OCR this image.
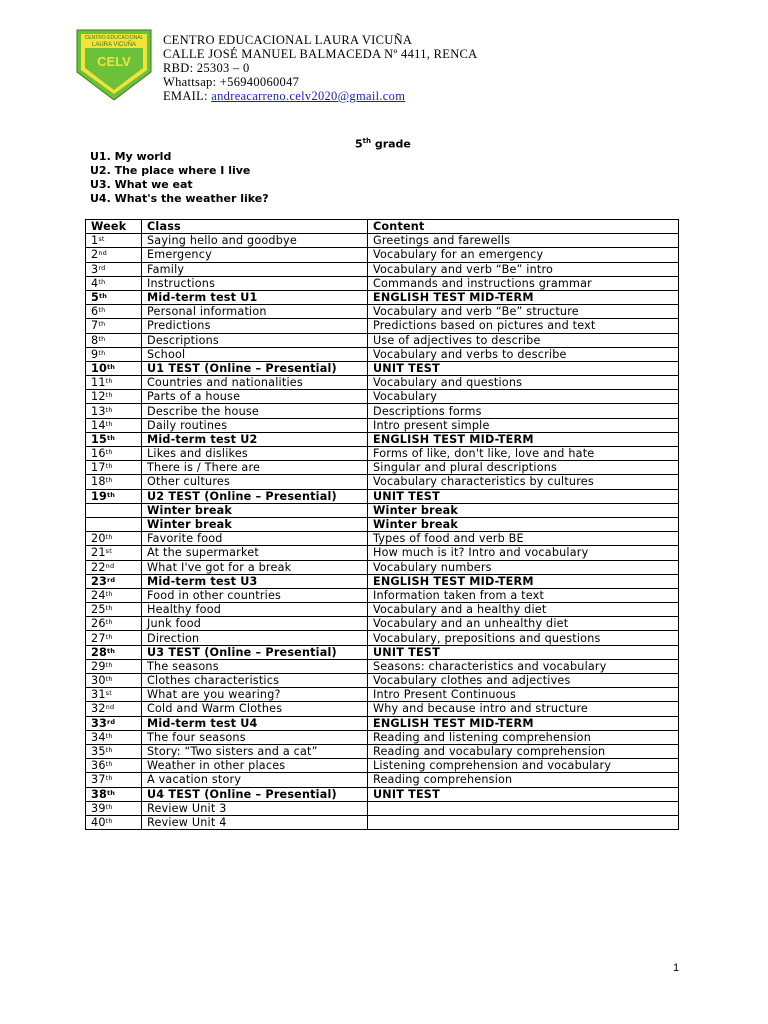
CENTRO EDUCACIONAL
LAURA VICUÑA
CELV
CENTRO EDUCACIONAL LAURA VICUÑA
CALLE JOSÉ MANUEL BALMACEDA Nº 4411, RENCA
RBD: 25303 – 0
Whattsap: +56940060047
EMAIL: andreacarreno.celv2020@gmail.com
5th grade
U1. My world
U2. The place where I live
U3. What we eat
U4. What's the weather like?
Week	Class	Content
1st	Saying hello and goodbye	Greetings and farewells
2nd	Emergency	Vocabulary for an emergency
3rd	Family	Vocabulary and verb “Be” intro
4th	Instructions	Commands and instructions grammar
5th	Mid-term test U1	ENGLISH TEST MID-TERM
6th	Personal information	Vocabulary and verb “Be” structure
7th	Predictions	Predictions based on pictures and text
8th	Descriptions	Use of adjectives to describe
9th	School	Vocabulary and verbs to describe
10th	U1 TEST (Online – Presential)	UNIT TEST
11th	Countries and nationalities	Vocabulary and questions
12th	Parts of a house	Vocabulary
13th	Describe the house	Descriptions forms
14th	Daily routines	Intro present simple
15th	Mid-term test U2	ENGLISH TEST MID-TERM
16th	Likes and dislikes	Forms of like, don't like, love and hate
17th	There is / There are	Singular and plural descriptions
18th	Other cultures	Vocabulary characteristics by cultures
19th	U2 TEST (Online – Presential)	UNIT TEST
	Winter break	Winter break
	Winter break	Winter break
20th	Favorite food	Types of food and verb BE
21st	At the supermarket	How much is it? Intro and vocabulary
22nd	What I've got for a break	Vocabulary numbers
23rd	Mid-term test U3	ENGLISH TEST MID-TERM
24th	Food in other countries	Information taken from a text
25th	Healthy food	Vocabulary and a healthy diet
26th	Junk food	Vocabulary and an unhealthy diet
27th	Direction	Vocabulary, prepositions and questions
28th	U3 TEST (Online – Presential)	UNIT TEST
29th	The seasons	Seasons: characteristics and vocabulary
30th	Clothes characteristics	Vocabulary clothes and adjectives
31st	What are you wearing?	Intro Present Continuous
32nd	Cold and Warm Clothes	Why and because intro and structure
33rd	Mid-term test U4	ENGLISH TEST MID-TERM
34th	The four seasons	Reading and listening comprehension
35th	Story: “Two sisters and a cat”	Reading and vocabulary comprehension
36th	Weather in other places	Listening comprehension and vocabulary
37th	A vacation story	Reading comprehension
38th	U4 TEST (Online – Presential)	UNIT TEST
39th	Review Unit 3	
40th	Review Unit 4	
1
